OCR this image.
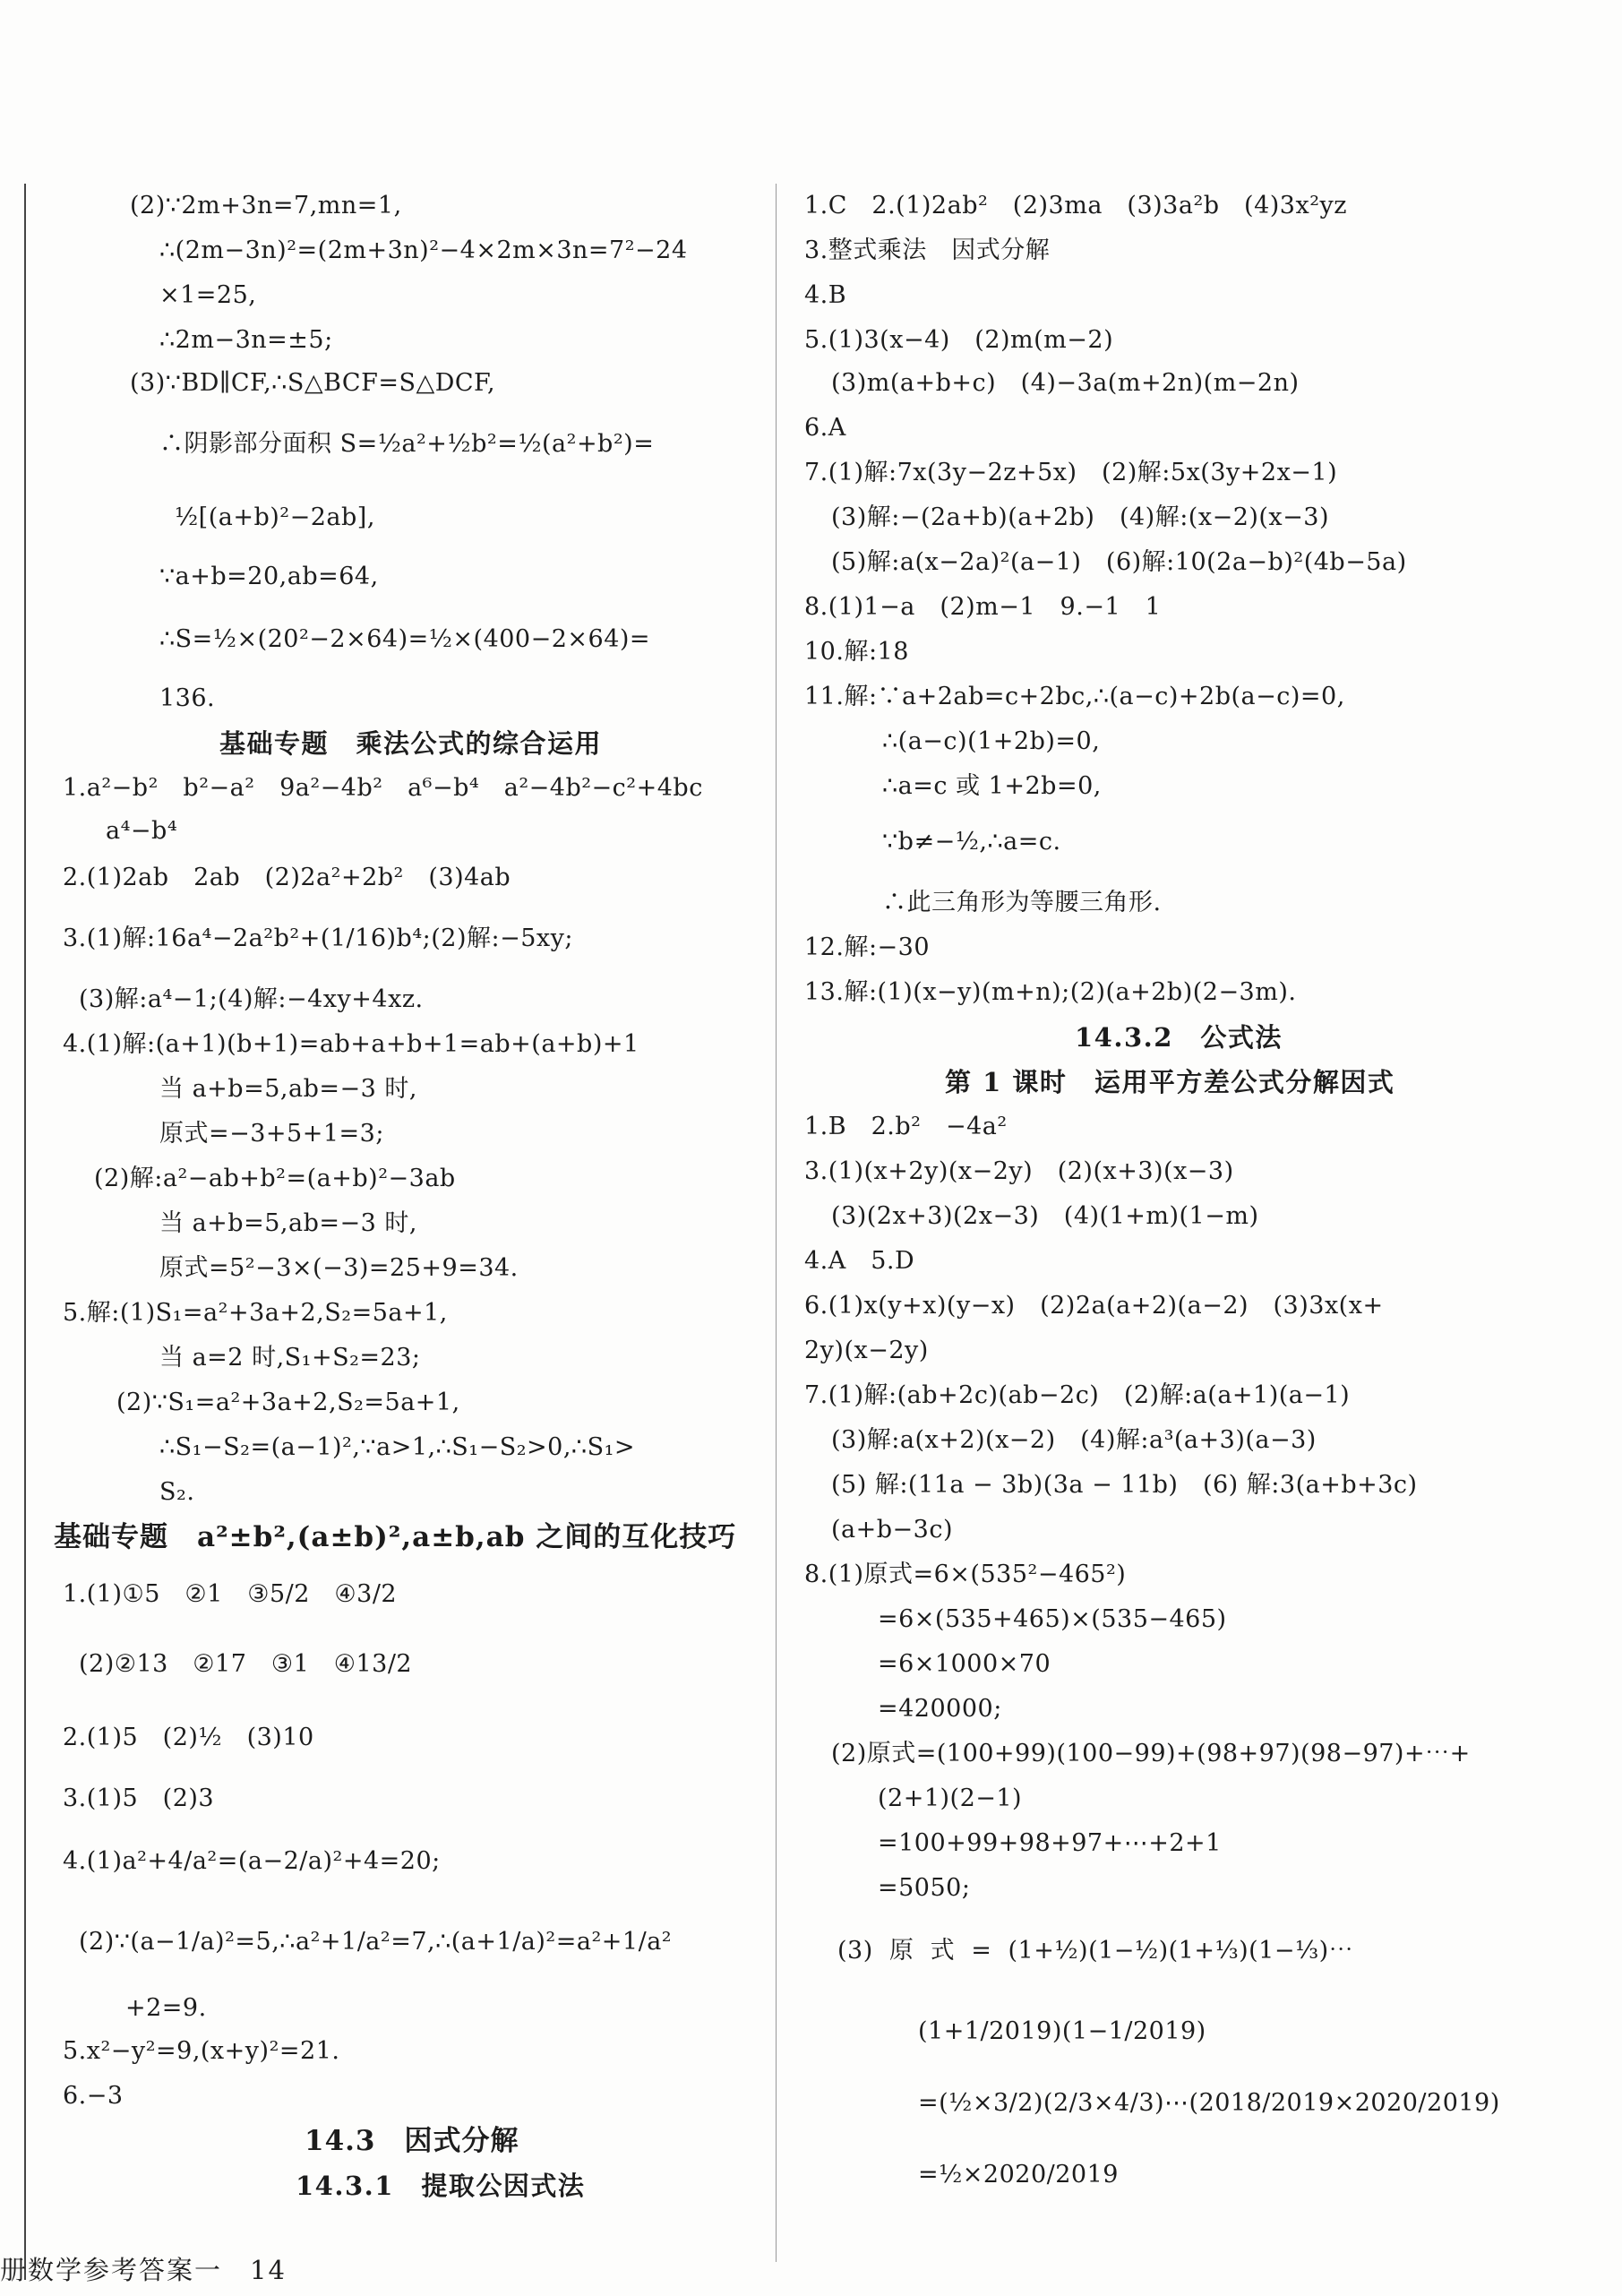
(2)∵2m+3n=7,mn=1,
∴(2m−3n)²=(2m+3n)²−4×2m×3n=7²−24
×1=25,
∴2m−3n=±5;
(3)∵BD∥CF,∴S△BCF=S△DCF,
∴阴影部分面积 S=½a²+½b²=½(a²+b²)=
½[(a+b)²−2ab],
∵a+b=20,ab=64,
∴S=½×(20²−2×64)=½×(400−2×64)=
136.
基础专题　乘法公式的综合运用
1.a²−b²　b²−a²　9a²−4b²　a⁶−b⁴　a²−4b²−c²+4bc
a⁴−b⁴
2.(1)2ab　2ab　(2)2a²+2b²　(3)4ab
3.(1)解:16a⁴−2a²b²+(1/16)b⁴;(2)解:−5xy;
(3)解:a⁴−1;(4)解:−4xy+4xz.
4.(1)解:(a+1)(b+1)=ab+a+b+1=ab+(a+b)+1
当 a+b=5,ab=−3 时,
原式=−3+5+1=3;
(2)解:a²−ab+b²=(a+b)²−3ab
当 a+b=5,ab=−3 时,
原式=5²−3×(−3)=25+9=34.
5.解:(1)S₁=a²+3a+2,S₂=5a+1,
当 a=2 时,S₁+S₂=23;
(2)∵S₁=a²+3a+2,S₂=5a+1,
∴S₁−S₂=(a−1)²,∵a>1,∴S₁−S₂>0,∴S₁>
S₂.
基础专题　a²±b²,(a±b)²,a±b,ab 之间的互化技巧
1.(1)①5　②1　③5/2　④3/2
(2)②13　②17　③1　④13/2
2.(1)5　(2)½　(3)10
3.(1)5　(2)3
4.(1)a²+4/a²=(a−2/a)²+4=20;
(2)∵(a−1/a)²=5,∴a²+1/a²=7,∴(a+1/a)²=a²+1/a²
+2=9.
5.x²−y²=9,(x+y)²=21.
6.−3
14.3　因式分解
14.3.1　提取公因式法
1.C　2.(1)2ab²　(2)3ma　(3)3a²b　(4)3x²yz
3.整式乘法　因式分解
4.B
5.(1)3(x−4)　(2)m(m−2)
(3)m(a+b+c)　(4)−3a(m+2n)(m−2n)
6.A
7.(1)解:7x(3y−2z+5x)　(2)解:5x(3y+2x−1)
(3)解:−(2a+b)(a+2b)　(4)解:(x−2)(x−3)
(5)解:a(x−2a)²(a−1)　(6)解:10(2a−b)²(4b−5a)
8.(1)1−a　(2)m−1　9.−1　1
10.解:18
11.解:∵a+2ab=c+2bc,∴(a−c)+2b(a−c)=0,
∴(a−c)(1+2b)=0,
∴a=c 或 1+2b=0,
∵b≠−½,∴a=c.
∴此三角形为等腰三角形.
12.解:−30
13.解:(1)(x−y)(m+n);(2)(a+2b)(2−3m).
14.3.2　公式法
第 1 课时　运用平方差公式分解因式
1.B　2.b²　−4a²
3.(1)(x+2y)(x−2y)　(2)(x+3)(x−3)
(3)(2x+3)(2x−3)　(4)(1+m)(1−m)
4.A　5.D
6.(1)x(y+x)(y−x)　(2)2a(a+2)(a−2)　(3)3x(x+
2y)(x−2y)
7.(1)解:(ab+2c)(ab−2c)　(2)解:a(a+1)(a−1)
(3)解:a(x+2)(x−2)　(4)解:a³(a+3)(a−3)
(5) 解:(11a − 3b)(3a − 11b)　(6) 解:3(a+b+3c)
(a+b−3c)
8.(1)原式=6×(535²−465²)
=6×(535+465)×(535−465)
=6×1000×70
=420000;
(2)原式=(100+99)(100−99)+(98+97)(98−97)+⋯+
(2+1)(2−1)
=100+99+98+97+⋯+2+1
=5050;
(3)  原  式  =  (1+½)(1−½)(1+⅓)(1−⅓)⋯
(1+1/2019)(1−1/2019)
=(½×3/2)(2/3×4/3)⋯(2018/2019×2020/2019)
=½×2020/2019
册数学参考答案一　14
